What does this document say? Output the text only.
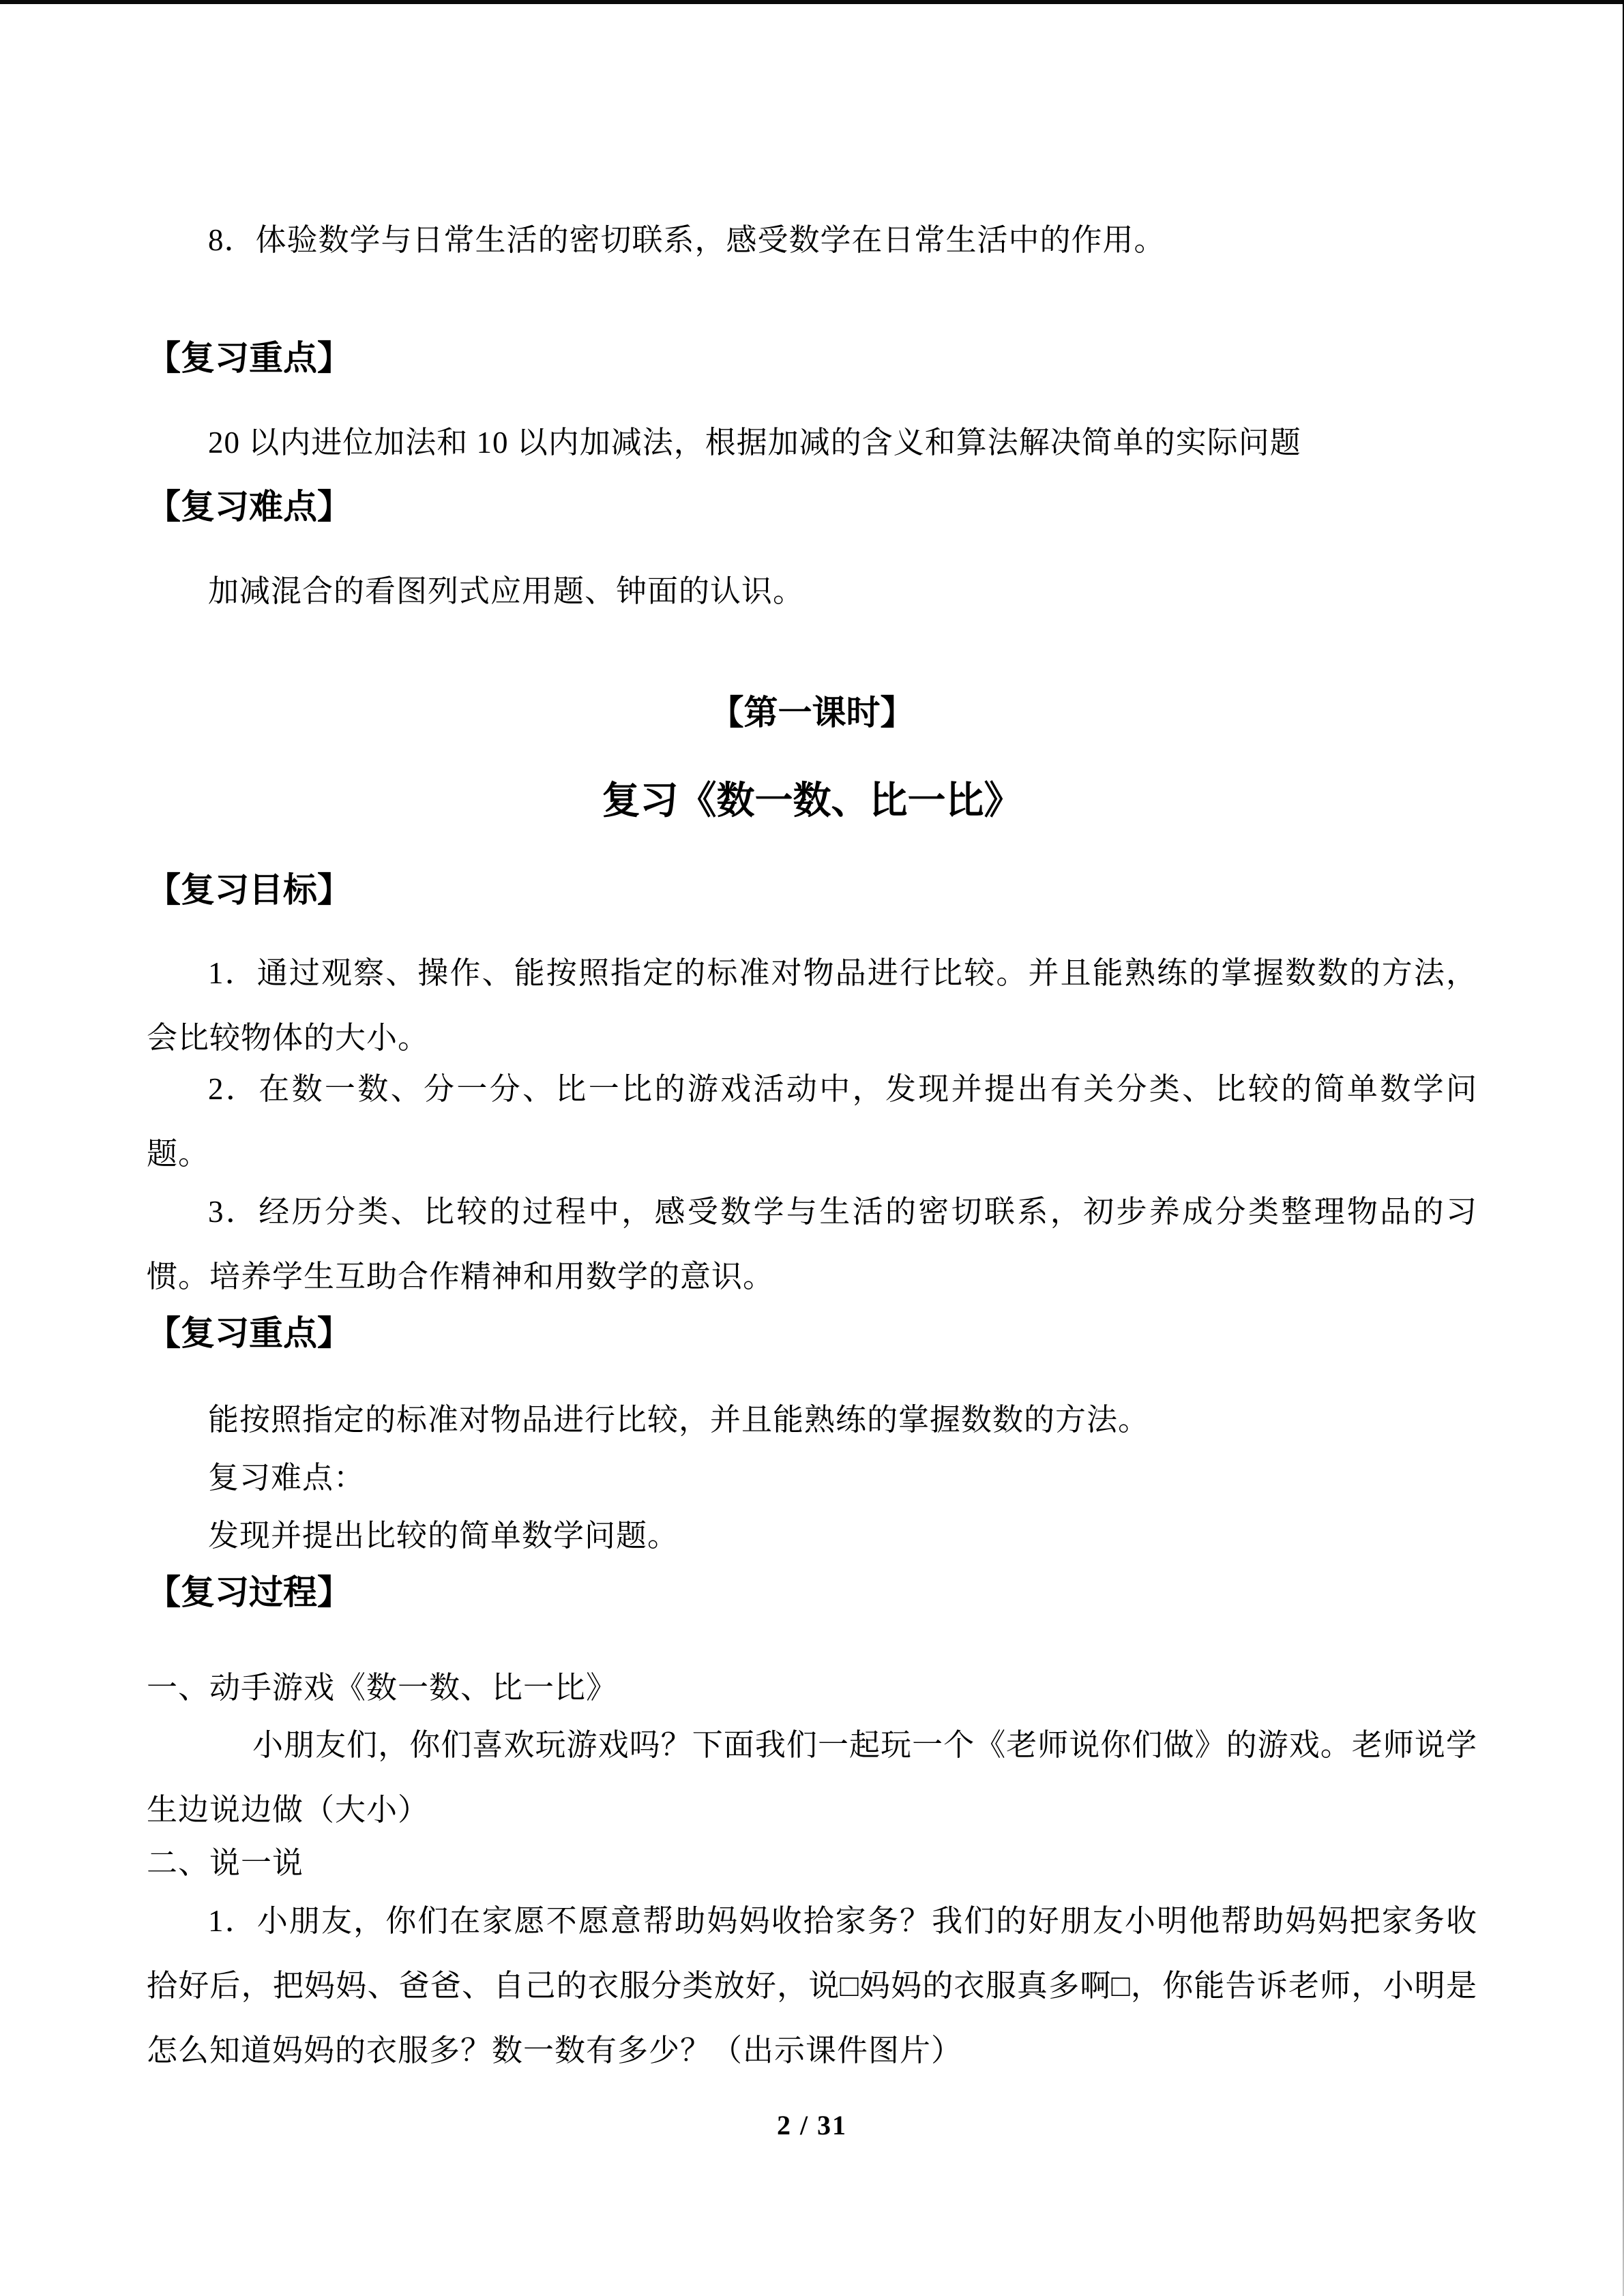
8．体验数学与日常生活的密切联系，感受数学在日常生活中的作用。
【复习重点】
20 以内进位加法和 10 以内加减法，根据加减的含义和算法解决简单的实际问题
【复习难点】
加减混合的看图列式应用题、钟面的认识。
【第一课时】
复习《数一数、比一比》
【复习目标】
1．通过观察、操作、能按照指定的标准对物品进行比较。并且能熟练的掌握数数的方法，会比较物体的大小。
2．在数一数、分一分、比一比的游戏活动中，发现并提出有关分类、比较的简单数学问题。
3．经历分类、比较的过程中，感受数学与生活的密切联系，初步养成分类整理物品的习惯。培养学生互助合作精神和用数学的意识。
【复习重点】
能按照指定的标准对物品进行比较，并且能熟练的掌握数数的方法。
复习难点：
发现并提出比较的简单数学问题。
【复习过程】
一、动手游戏《数一数、比一比》
小朋友们，你们喜欢玩游戏吗？下面我们一起玩一个《老师说你们做》的游戏。老师说学生边说边做（大小）
二、说一说
1．小朋友，你们在家愿不愿意帮助妈妈收拾家务？我们的好朋友小明他帮助妈妈把家务收拾好后，把妈妈、爸爸、自己的衣服分类放好，说□妈妈的衣服真多啊□，你能告诉老师，小明是怎么知道妈妈的衣服多？数一数有多少？（出示课件图片）
2 / 31
